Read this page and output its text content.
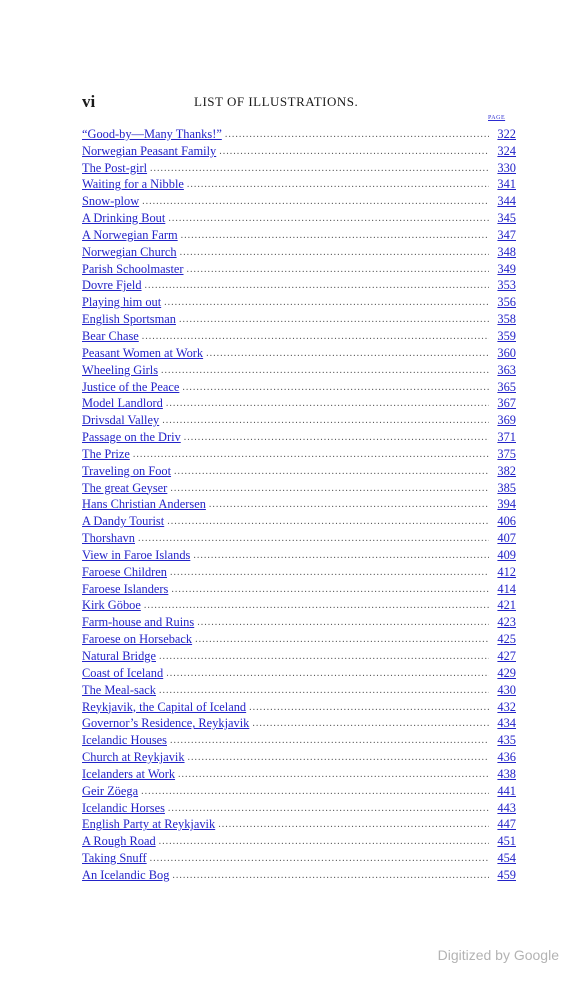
vi	LIST OF ILLUSTRATIONS.
PAGE
“Good-by—Many Thanks!” .....	322
Norwegian Peasant Family .....	324
The Post-girl .....	330
Waiting for a Nibble .....	341
Snow-plow .....	344
A Drinking Bout .....	345
A Norwegian Farm .....	347
Norwegian Church .....	348
Parish Schoolmaster .....	349
Dovre Fjeld .....	353
Playing him out .....	356
English Sportsman .....	358
Bear Chase .....	359
Peasant Women at Work .....	360
Wheeling Girls .....	363
Justice of the Peace .....	365
Model Landlord .....	367
Drivsdal Valley .....	369
Passage on the Driv .....	371
The Prize .....	375
Traveling on Foot .....	382
The great Geyser .....	385
Hans Christian Andersen .....	394
A Dandy Tourist .....	406
Thorshavn .....	407
View in Faroe Islands .....	409
Faroese Children .....	412
Faroese Islanders .....	414
Kirk Göboe .....	421
Farm-house and Ruins .....	423
Faroese on Horseback .....	425
Natural Bridge .....	427
Coast of Iceland .....	429
The Meal-sack .....	430
Reykjavik, the Capital of Iceland .....	432
Governor’s Residence, Reykjavik .....	434
Icelandic Houses .....	435
Church at Reykjavik .....	436
Icelanders at Work .....	438
Geir Zöega .....	441
Icelandic Horses .....	443
English Party at Reykjavik .....	447
A Rough Road .....	451
Taking Snuff .....	454
An Icelandic Bog .....	459
Digitized by Google
